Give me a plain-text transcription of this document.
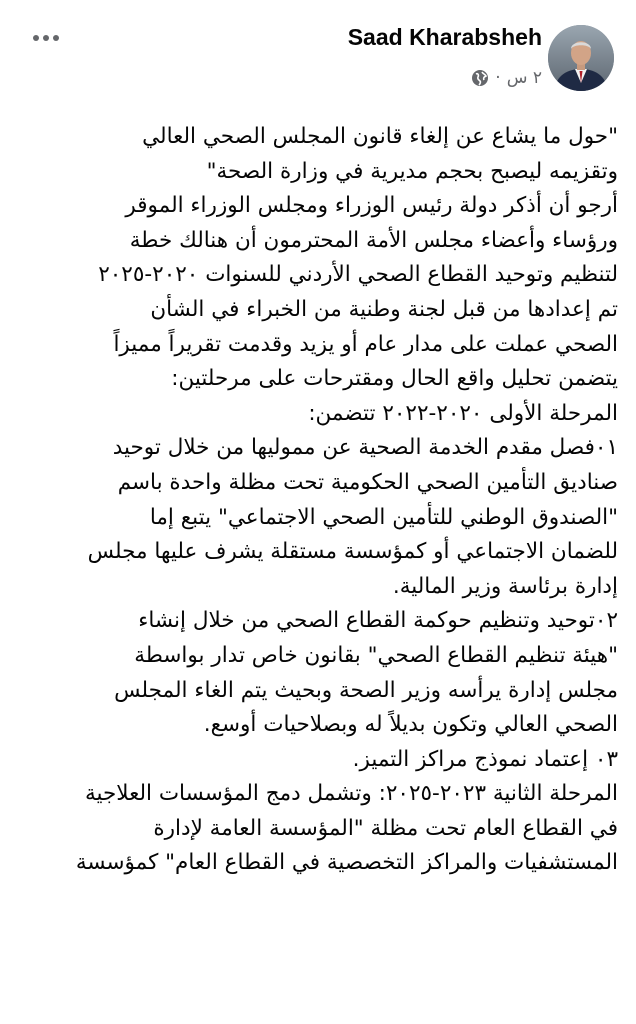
Saad Kharabsheh
٢ س
·
"حول ما يشاع عن إلغاء قانون المجلس الصحي العالي
وتقزيمه ليصبح بحجم مديرية في وزارة الصحة"
أرجو أن أذكر دولة رئيس الوزراء ومجلس الوزراء الموقر
ورؤساء وأعضاء مجلس الأمة المحترمون أن هنالك خطة
لتنظيم وتوحيد القطاع الصحي الأردني للسنوات ٢٠٢٠-٢٠٢٥
تم إعدادها من قبل لجنة وطنية من الخبراء في الشأن
الصحي عملت على مدار عام أو يزيد وقدمت تقريراً مميزاً
يتضمن تحليل واقع الحال ومقترحات على مرحلتين:
المرحلة الأولى ٢٠٢٠-٢٠٢٢ تتضمن:
٠١فصل مقدم الخدمة الصحية عن مموليها من خلال توحيد
صناديق التأمين الصحي الحكومية تحت مظلة واحدة باسم
"الصندوق الوطني للتأمين الصحي الاجتماعي" يتبع إما
للضمان الاجتماعي أو كمؤسسة مستقلة يشرف عليها مجلس
إدارة برئاسة وزير المالية.
٠٢توحيد وتنظيم حوكمة القطاع الصحي من خلال إنشاء
"هيئة تنظيم القطاع الصحي" بقانون خاص تدار بواسطة
مجلس إدارة يرأسه وزير الصحة وبحيث يتم الغاء المجلس
الصحي العالي وتكون بديلاً له وبصلاحيات أوسع.
٠٣ إعتماد نموذج مراكز التميز.
المرحلة الثانية ٢٠٢٣-٢٠٢٥: وتشمل دمج المؤسسات العلاجية
في القطاع العام تحت مظلة "المؤسسة العامة لإدارة
المستشفيات والمراكز التخصصية في القطاع العام" كمؤسسة
